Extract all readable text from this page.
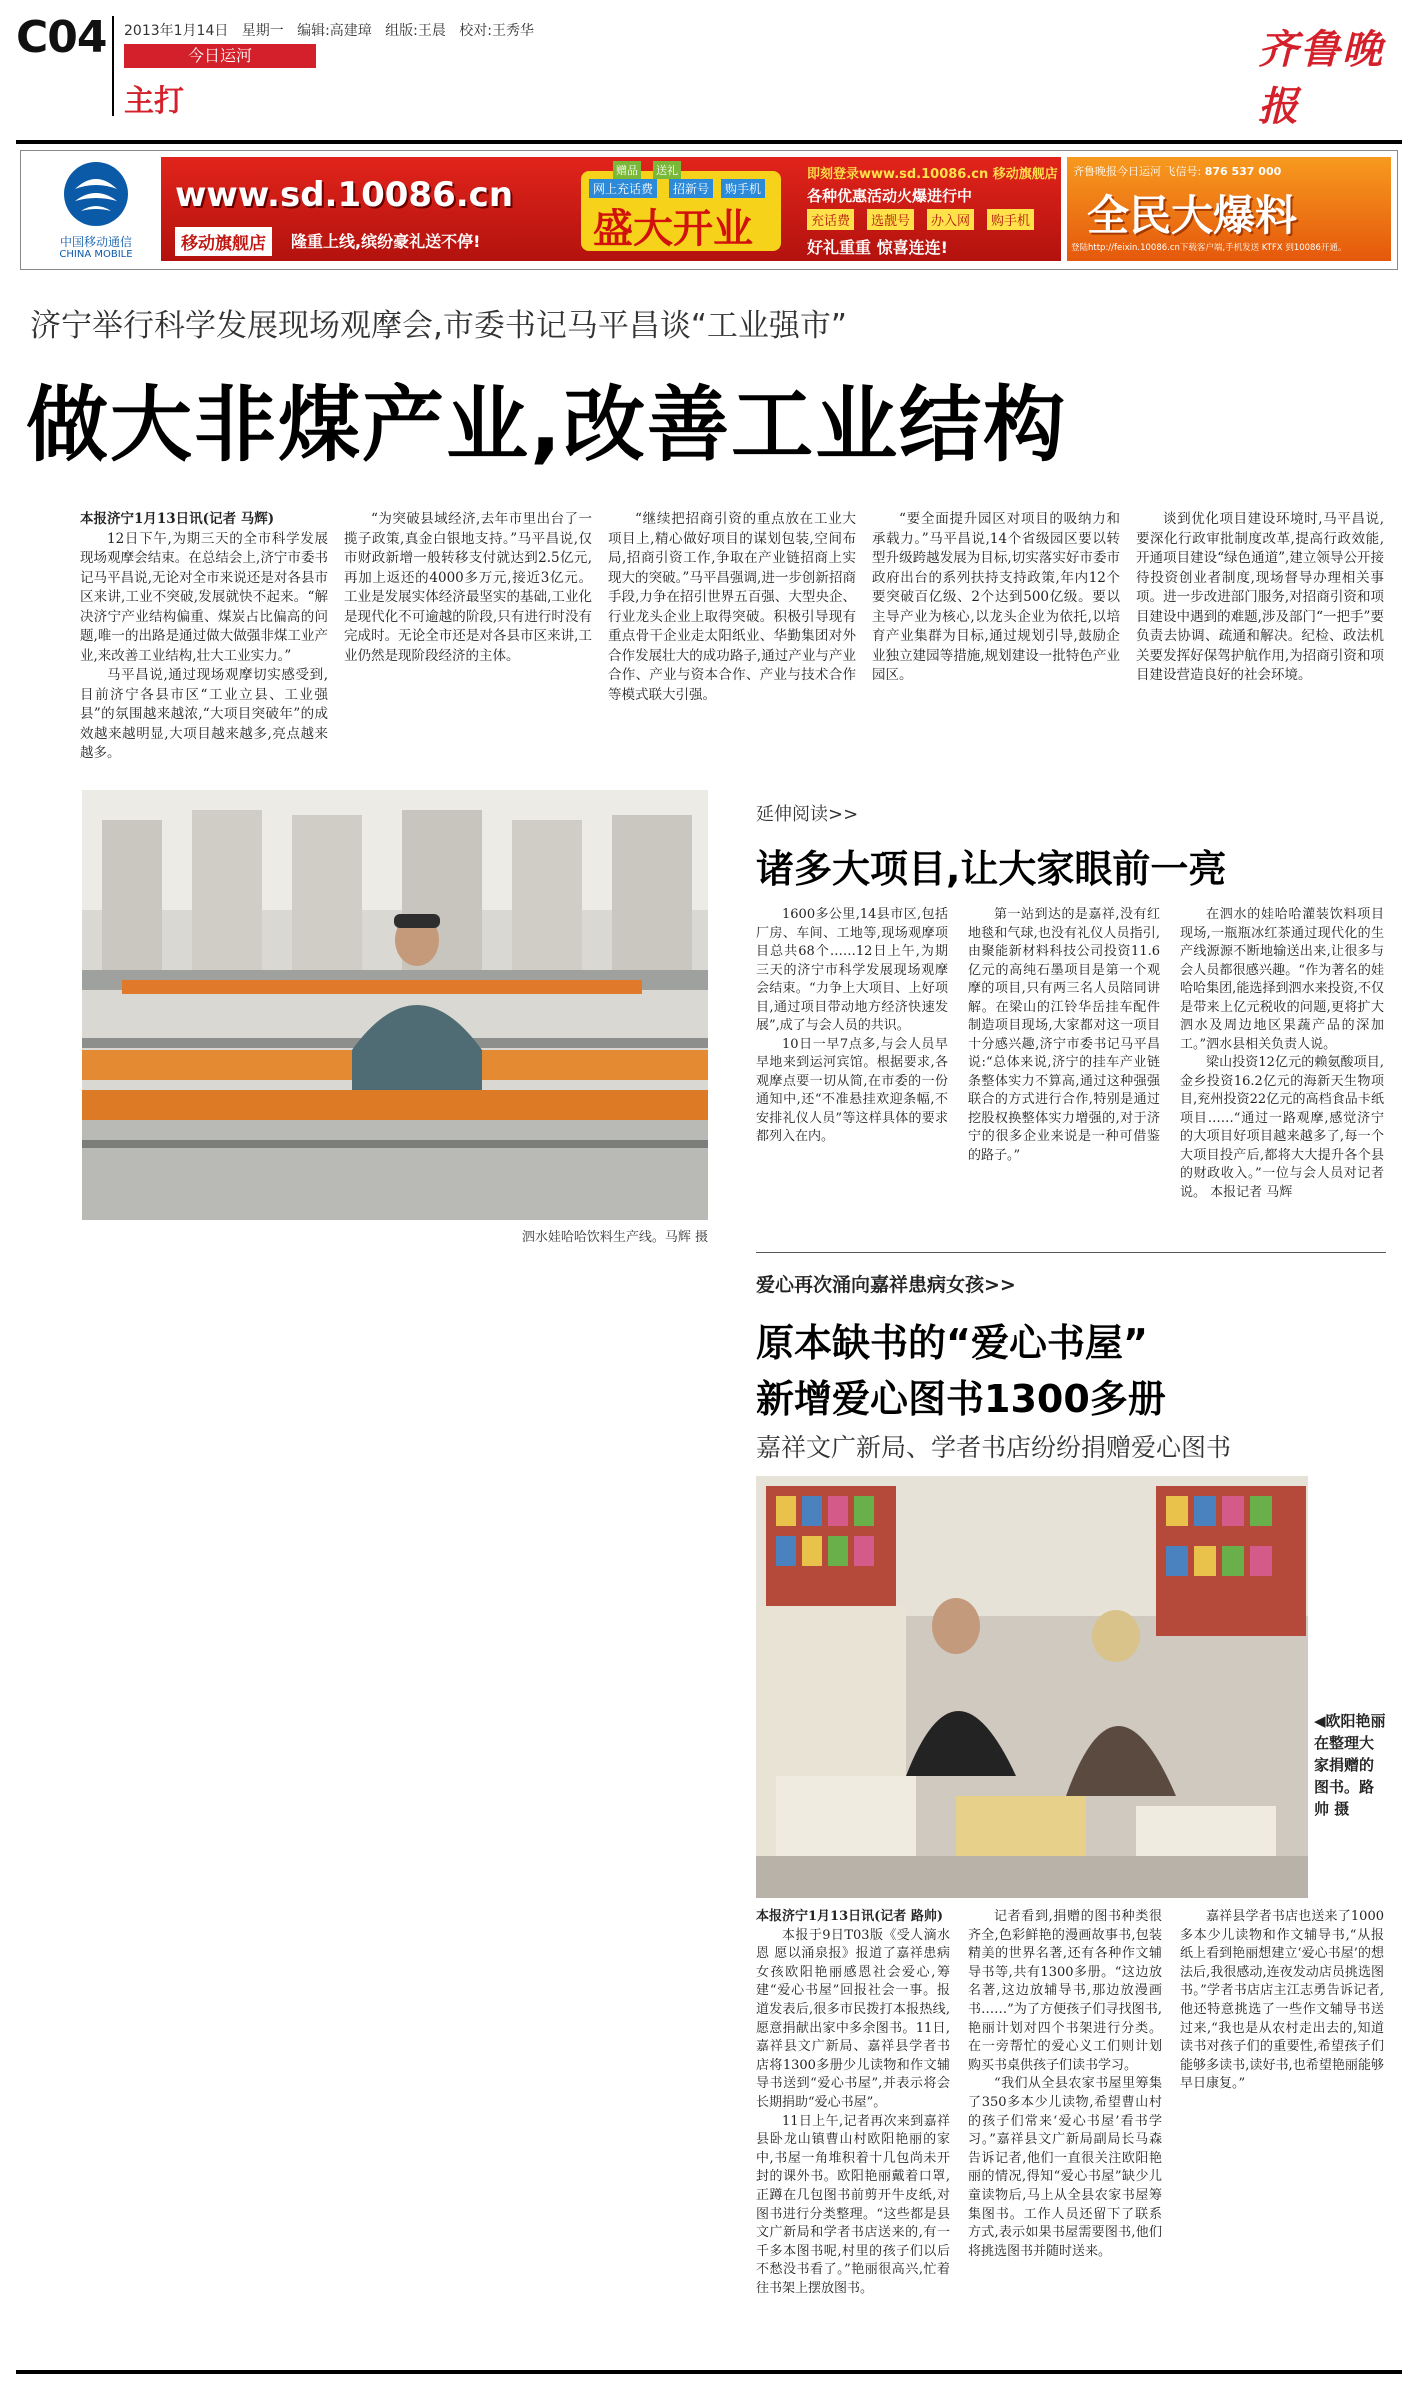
C04 2013年1月14日 星期一 编辑:高建璋 组版:王晨 校对:王秀华
今日运河
主打
齐鲁晚报
中国移动通信
CHINA MOBILE
www.sd.10086.cn
移动旗舰店	隆重上线,缤纷豪礼送不停!
网上充话费	招新号	购手机
赠品 送礼
盛大开业
即刻登录www.sd.10086.cn 移动旗舰店
各种优惠活动火爆进行中
充话费	选靓号	办入网	购手机
好礼重重 惊喜连连!
齐鲁晚报今日运河 飞信号: 876 537 000
全民大爆料
登陆http://feixin.10086.cn下载客户端,手机发送 KTFX 到10086开通。
济宁举行科学发展现场观摩会,市委书记马平昌谈“工业强市”
做大非煤产业,改善工业结构

本报济宁1月13日讯(记者 马辉)

12日下午,为期三天的全市科学发展现场观摩会结束。在总结会上,济宁市委书记马平昌说,无论对全市来说还是对各县市区来讲,工业不突破,发展就快不起来。“解决济宁产业结构偏重、煤炭占比偏高的问题,唯一的出路是通过做大做强非煤工业产业,来改善工业结构,壮大工业实力。”

马平昌说,通过现场观摩切实感受到,目前济宁各县市区“工业立县、工业强县”的氛围越来越浓,“大项目突破年”的成效越来越明显,大项目越来越多,亮点越来越多。

“为突破县域经济,去年市里出台了一揽子政策,真金白银地支持。”马平昌说,仅市财政新增一般转移支付就达到2.5亿元,再加上返还的4000多万元,接近3亿元。工业是发展实体经济最坚实的基础,工业化是现代化不可逾越的阶段,只有进行时没有完成时。无论全市还是对各县市区来讲,工业仍然是现阶段经济的主体。

“继续把招商引资的重点放在工业大项目上,精心做好项目的谋划包装,空间布局,招商引资工作,争取在产业链招商上实现大的突破。”马平昌强调,进一步创新招商手段,力争在招引世界五百强、大型央企、行业龙头企业上取得突破。积极引导现有重点骨干企业走太阳纸业、华勤集团对外合作发展壮大的成功路子,通过产业与产业合作、产业与资本合作、产业与技术合作等模式联大引强。

“要全面提升园区对项目的吸纳力和承载力。”马平昌说,14个省级园区要以转型升级跨越发展为目标,切实落实好市委市政府出台的系列扶持支持政策,年内12个要突破百亿级、2个达到500亿级。要以主导产业为核心,以龙头企业为依托,以培育产业集群为目标,通过规划引导,鼓励企业独立建园等措施,规划建设一批特色产业园区。

谈到优化项目建设环境时,马平昌说,要深化行政审批制度改革,提高行政效能,开通项目建设“绿色通道”,建立领导公开接待投资创业者制度,现场督导办理相关事项。进一步改进部门服务,对招商引资和项目建设中遇到的难题,涉及部门“一把手”要负责去协调、疏通和解决。纪检、政法机关要发挥好保驾护航作用,为招商引资和项目建设营造良好的社会环境。

泗水娃哈哈饮料生产线。马辉 摄
延伸阅读>>
诸多大项目,让大家眼前一亮

1600多公里,14县市区,包括厂房、车间、工地等,现场观摩项目总共68个……12日上午,为期三天的济宁市科学发展现场观摩会结束。“力争上大项目、上好项目,通过项目带动地方经济快速发展”,成了与会人员的共识。

10日一早7点多,与会人员早早地来到运河宾馆。根据要求,各观摩点要一切从简,在市委的一份通知中,还“不准悬挂欢迎条幅,不安排礼仪人员”等这样具体的要求都列入在内。

第一站到达的是嘉祥,没有红地毯和气球,也没有礼仪人员指引,由聚能新材料科技公司投资11.6亿元的高纯石墨项目是第一个观摩的项目,只有两三名人员陪同讲解。在梁山的江铃华岳挂车配件制造项目现场,大家都对这一项目十分感兴趣,济宁市委书记马平昌说:“总体来说,济宁的挂车产业链条整体实力不算高,通过这种强强联合的方式进行合作,特别是通过挖股权换整体实力增强的,对于济宁的很多企业来说是一种可借鉴的路子。”

在泗水的娃哈哈灌装饮料项目现场,一瓶瓶冰红茶通过现代化的生产线源源不断地输送出来,让很多与会人员都很感兴趣。“作为著名的娃哈哈集团,能选择到泗水来投资,不仅是带来上亿元税收的问题,更将扩大泗水及周边地区果蔬产品的深加工。”泗水县相关负责人说。

梁山投资12亿元的赖氨酸项目,金乡投资16.2亿元的海新天生物项目,兖州投资22亿元的高档食品卡纸项目……“通过一路观摩,感觉济宁的大项目好项目越来越多了,每一个大项目投产后,都将大大提升各个县的财政收入。”一位与会人员对记者说。 本报记者 马辉

爱心再次涌向嘉祥患病女孩>>
原本缺书的“爱心书屋”
新增爱心图书1300多册
嘉祥文广新局、学者书店纷纷捐赠爱心图书
◀欧阳艳丽在整理大家捐赠的图书。路帅 摄

本报济宁1月13日讯(记者 路帅)

本报于9日T03版《受人滴水恩 愿以涌泉报》报道了嘉祥患病女孩欧阳艳丽感恩社会爱心,筹建“爱心书屋”回报社会一事。报道发表后,很多市民拨打本报热线,愿意捐献出家中多余图书。11日,嘉祥县文广新局、嘉祥县学者书店将1300多册少儿读物和作文辅导书送到“爱心书屋”,并表示将会长期捐助“爱心书屋”。

11日上午,记者再次来到嘉祥县卧龙山镇曹山村欧阳艳丽的家中,书屋一角堆积着十几包尚未开封的课外书。欧阳艳丽戴着口罩,正蹲在几包图书前剪开牛皮纸,对图书进行分类整理。“这些都是县文广新局和学者书店送来的,有一千多本图书呢,村里的孩子们以后不愁没书看了。”艳丽很高兴,忙着往书架上摆放图书。

记者看到,捐赠的图书种类很齐全,色彩鲜艳的漫画故事书,包装精美的世界名著,还有各种作文辅导书等,共有1300多册。“这边放名著,这边放辅导书,那边放漫画书……”为了方便孩子们寻找图书,艳丽计划对四个书架进行分类。在一旁帮忙的爱心义工们则计划购买书桌供孩子们读书学习。

“我们从全县农家书屋里筹集了350多本少儿读物,希望曹山村的孩子们常来‘爱心书屋’看书学习。”嘉祥县文广新局副局长马森告诉记者,他们一直很关注欧阳艳丽的情况,得知“爱心书屋”缺少儿童读物后,马上从全县农家书屋筹集图书。工作人员还留下了联系方式,表示如果书屋需要图书,他们将挑选图书并随时送来。

嘉祥县学者书店也送来了1000多本少儿读物和作文辅导书,“从报纸上看到艳丽想建立‘爱心书屋’的想法后,我很感动,连夜发动店员挑选图书。”学者书店店主江志勇告诉记者,他还特意挑选了一些作文辅导书送过来,“我也是从农村走出去的,知道读书对孩子们的重要性,希望孩子们能够多读书,读好书,也希望艳丽能够早日康复。”
